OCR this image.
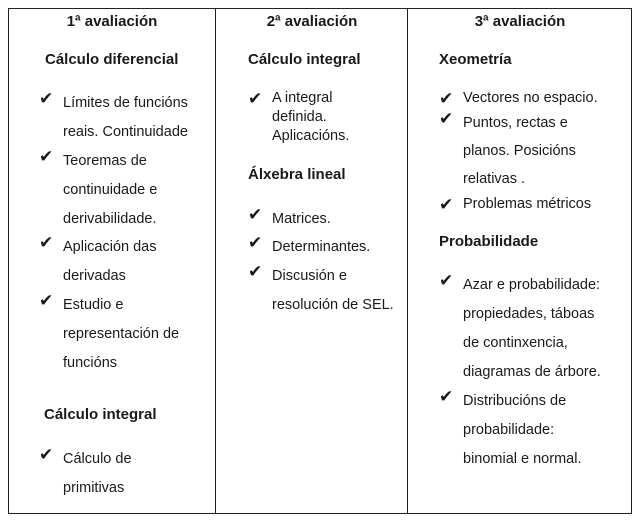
1ª avaliación
Cálculo diferencial
✔ Límites de funcións
reais. Continuidade
✔ Teoremas de
continuidade e
derivabilidade.
✔ Aplicación das
derivadas
✔ Estudio e
representación de
funcións
Cálculo integral
✔ Cálculo de
primitivas
2ª avaliación
Cálculo integral
✔ A integral
definida.
Aplicacións.
Álxebra lineal
✔ Matrices.
✔ Determinantes.
✔ Discusión e
resolución de SEL.
3ª avaliación
Xeometría
✔ Vectores no espacio.
✔ Puntos, rectas e
planos. Posicións
relativas .
✔ Problemas métricos
Probabilidade
✔ Azar e probabilidade:
propiedades, táboas
de continxencia,
diagramas de árbore.
✔ Distribucións de
probabilidade:
binomial e normal.
